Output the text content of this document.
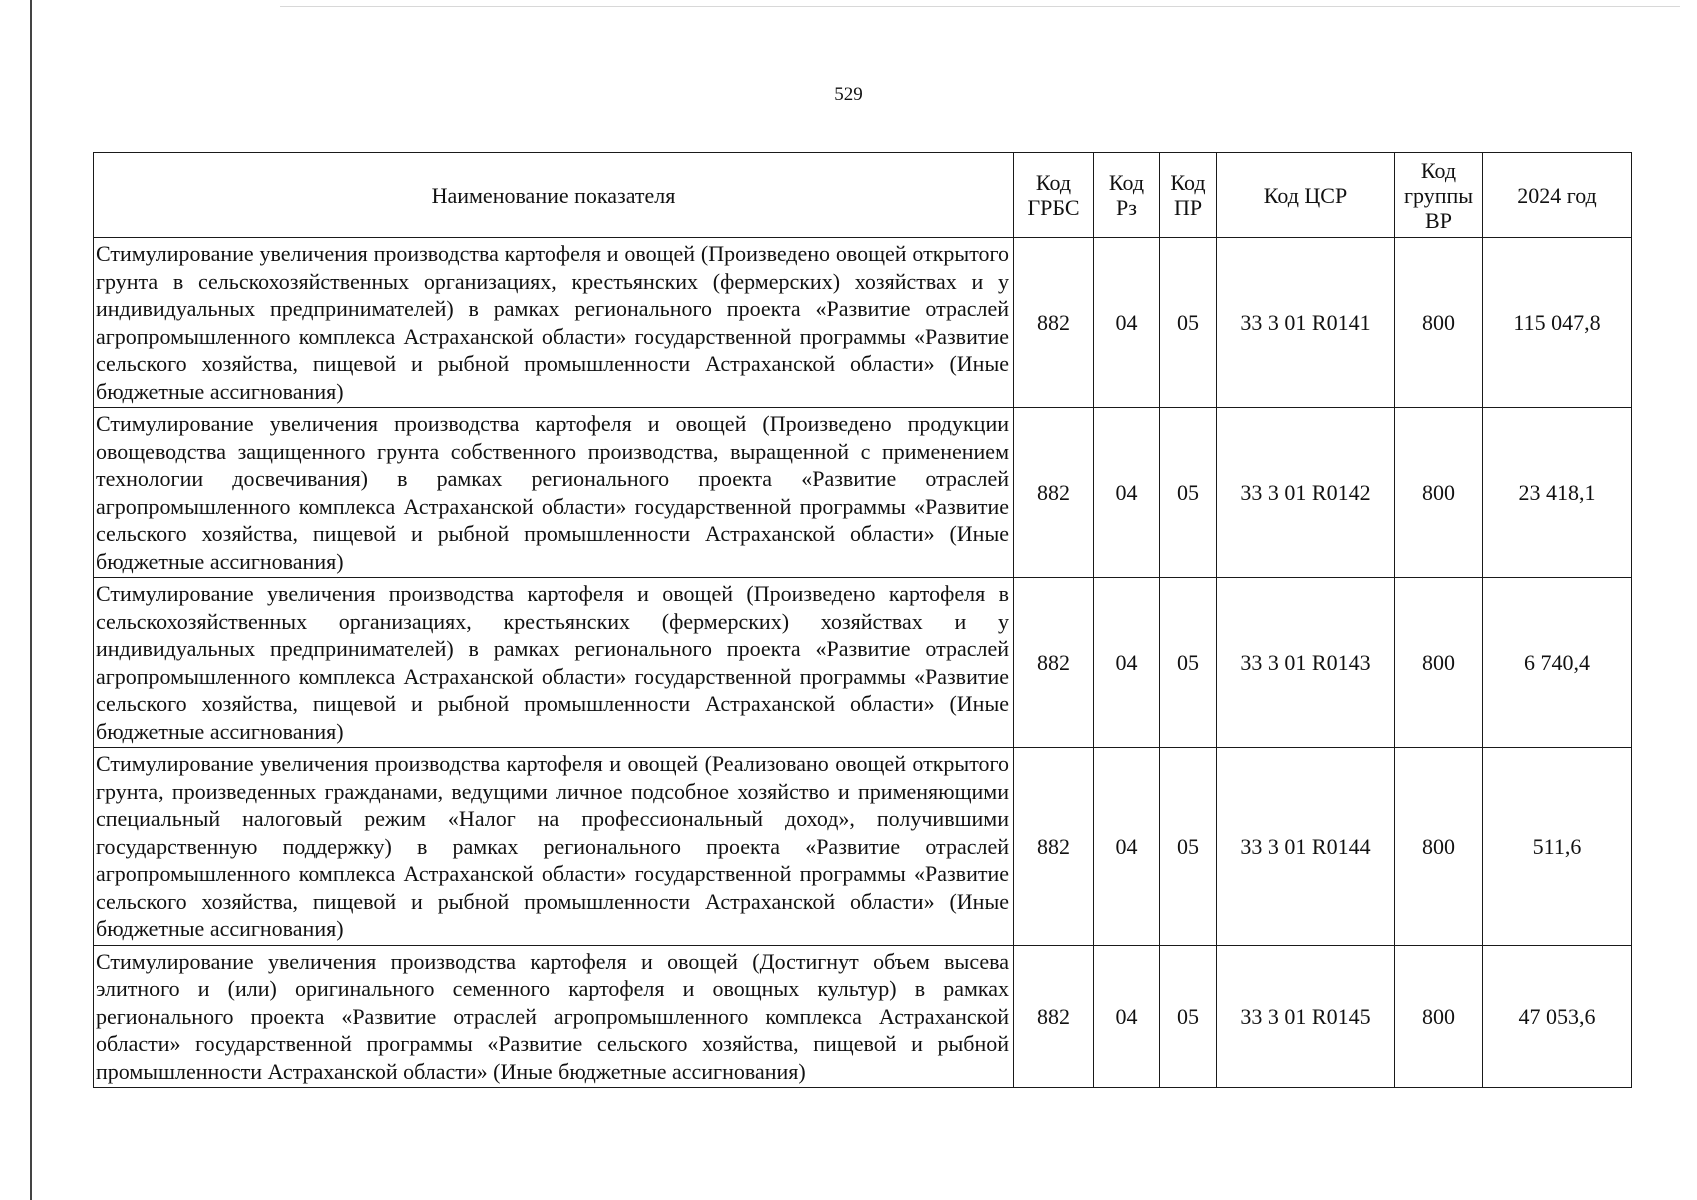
529
Наименование показателя	Код ГРБС	Код Рз	Код ПР	Код ЦСР	Код группы ВР	2024 год
Стимулирование увеличения производства картофеля и овощей (Произведено овощей открытого грунта в сельскохозяйственных организациях, крестьянских (фермерских) хозяйствах и у индивидуальных предпринимателей) в рамках регионального проекта «Развитие отраслей агропромышленного комплекса Астраханской области» государственной программы «Развитие сельского хозяйства, пищевой и рыбной промышленности Астраханской области» (Иные бюджетные ассигнования)	882	04	05	33 3 01 R0141	800	115 047,8
Стимулирование увеличения производства картофеля и овощей (Произведено продукции овощеводства защищенного грунта собственного производства, выращенной с применением технологии досвечивания) в рамках регионального проекта «Развитие отраслей агропромышленного комплекса Астраханской области» государственной программы «Развитие сельского хозяйства, пищевой и рыбной промышленности Астраханской области» (Иные бюджетные ассигнования)	882	04	05	33 3 01 R0142	800	23 418,1
Стимулирование увеличения производства картофеля и овощей (Произведено картофеля в сельскохозяйственных организациях, крестьянских (фермерских) хозяйствах и у индивидуальных предпринимателей) в рамках регионального проекта «Развитие отраслей агропромышленного комплекса Астраханской области» государственной программы «Развитие сельского хозяйства, пищевой и рыбной промышленности Астраханской области» (Иные бюджетные ассигнования)	882	04	05	33 3 01 R0143	800	6 740,4
Стимулирование увеличения производства картофеля и овощей (Реализовано овощей открытого грунта, произведенных гражданами, ведущими личное подсобное хозяйство и применяющими специальный налоговый режим «Налог на профессиональный доход», получившими государственную поддержку) в рамках регионального проекта «Развитие отраслей агропромышленного комплекса Астраханской области» государственной программы «Развитие сельского хозяйства, пищевой и рыбной промышленности Астраханской области» (Иные бюджетные ассигнования)	882	04	05	33 3 01 R0144	800	511,6
Стимулирование увеличения производства картофеля и овощей (Достигнут объем высева элитного и (или) оригинального семенного картофеля и овощных культур) в рамках регионального проекта «Развитие отраслей агропромышленного комплекса Астраханской области» государственной программы «Развитие сельского хозяйства, пищевой и рыбной промышленности Астраханской области» (Иные бюджетные ассигнования)	882	04	05	33 3 01 R0145	800	47 053,6
